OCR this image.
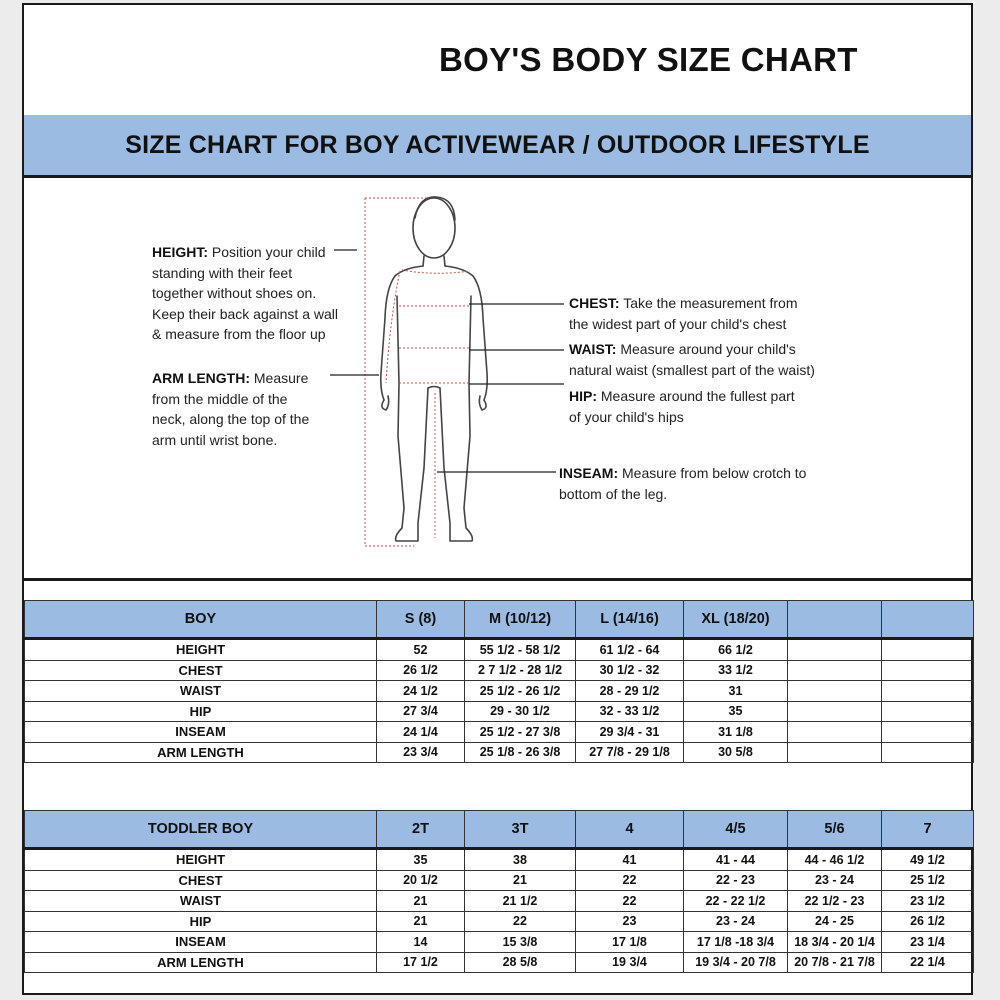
BOY'S BODY SIZE CHART
SIZE CHART FOR BOY ACTIVEWEAR / OUTDOOR LIFESTYLE
HEIGHT: Position your child
standing with their feet
together without shoes on.
Keep their back against a wall
& measure from the floor up
ARM LENGTH: Measure
from the middle of the
neck, along the top of the
arm until wrist bone.
CHEST: Take the measurement from
the widest part of your child's chest
WAIST: Measure around your child's
natural waist (smallest part of the waist)
HIP: Measure around the fullest part
of your child's hips
INSEAM: Measure from below crotch to
bottom of the leg.
BOY	S (8)	M (10/12)	L (14/16)	XL (18/20)		
HEIGHT	52	55 1/2 - 58 1/2	61 1/2 - 64	66 1/2		
CHEST	26 1/2	2 7 1/2 - 28 1/2	30 1/2 - 32	33 1/2		
WAIST	24 1/2	25 1/2 - 26 1/2	28 - 29 1/2	31		
HIP	27 3/4	29 - 30 1/2	32 - 33 1/2	35		
INSEAM	24 1/4	25 1/2 - 27 3/8	29 3/4 - 31	31 1/8		
ARM LENGTH	23 3/4	25 1/8 - 26 3/8	27 7/8 - 29 1/8	30 5/8		
TODDLER BOY	2T	3T	4	4/5	5/6	7
HEIGHT	35	38	41	41 - 44	44 - 46 1/2	49 1/2
CHEST	20 1/2	21	22	22 - 23	23 - 24	25 1/2
WAIST	21	21 1/2	22	22 - 22 1/2	22 1/2 - 23	23 1/2
HIP	21	22	23	23 - 24	24 - 25	26 1/2
INSEAM	14	15 3/8	17 1/8	17 1/8 -18 3/4	18 3/4 - 20 1/4	23 1/4
ARM LENGTH	17 1/2	28 5/8	19 3/4	19 3/4 - 20 7/8	20 7/8 - 21 7/8	22 1/4
